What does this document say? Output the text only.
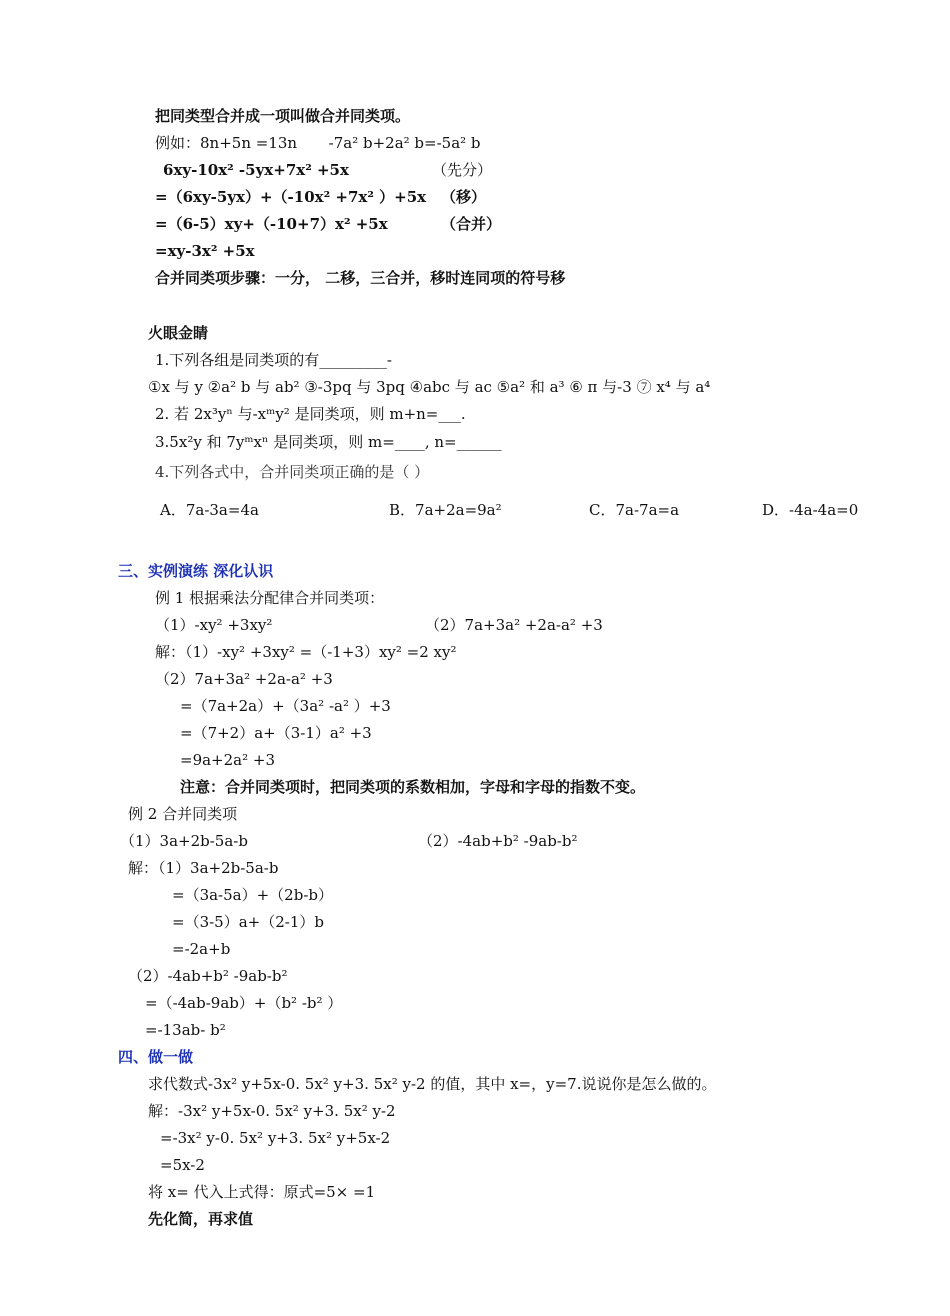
把同类型合并成一项叫做合并同类项。
例如：8n+5n =13n -7a² b+2a² b=-5a² b
6xy-10x² -5yx+7x² +5x	（先分）
=（6xy-5yx）+（-10x² +7x² ）+5x （移）
=（6-5）xy+（-10+7）x² +5x	（合并）
=xy-3x² +5x
合并同类项步骤：一分， 二移，三合并，移时连同项的符号移
火眼金睛
1.下列各组是同类项的有_________-
①x 与 y ②a² b 与 ab² ③-3pq 与 3pq ④abc 与 ac ⑤a² 和 a³ ⑥ π 与-3 ⑦ x⁴ 与 a⁴
2. 若 2x³yⁿ 与-xᵐy² 是同类项，则 m+n=___.
3.5x²y 和 7yᵐxⁿ 是同类项，则 m=____, n=______
4.下列各式中，合并同类项正确的是（ ）
A．7a-3a=4a	B．7a+2a=9a²	C．7a-7a=a	D．-4a-4a=0
三、实例演练 深化认识
例 1 根据乘法分配律合并同类项：
（1）-xy² +3xy²	（2）7a+3a² +2a-a² +3
解：（1）-xy² +3xy² =（-1+3）xy² =2 xy²
（2）7a+3a² +2a-a² +3
=（7a+2a）+（3a² -a² ）+3
=（7+2）a+（3-1）a² +3
=9a+2a² +3
注意：合并同类项时，把同类项的系数相加，字母和字母的指数不变。
例 2 合并同类项
（1）3a+2b-5a-b	（2）-4ab+b² -9ab-b²
解：（1）3a+2b-5a-b
=（3a-5a）+（2b-b）
=（3-5）a+（2-1）b
=-2a+b
（2）-4ab+b² -9ab-b²
=（-4ab-9ab）+（b² -b² ）
=-13ab- b²
四、做一做
求代数式-3x² y+5x-0. 5x² y+3. 5x² y-2 的值，其中 x=，y=7.说说你是怎么做的。
解：-3x² y+5x-0. 5x² y+3. 5x² y-2
=-3x² y-0. 5x² y+3. 5x² y+5x-2
=5x-2
将 x= 代入上式得：原式=5× =1
先化简，再求值
